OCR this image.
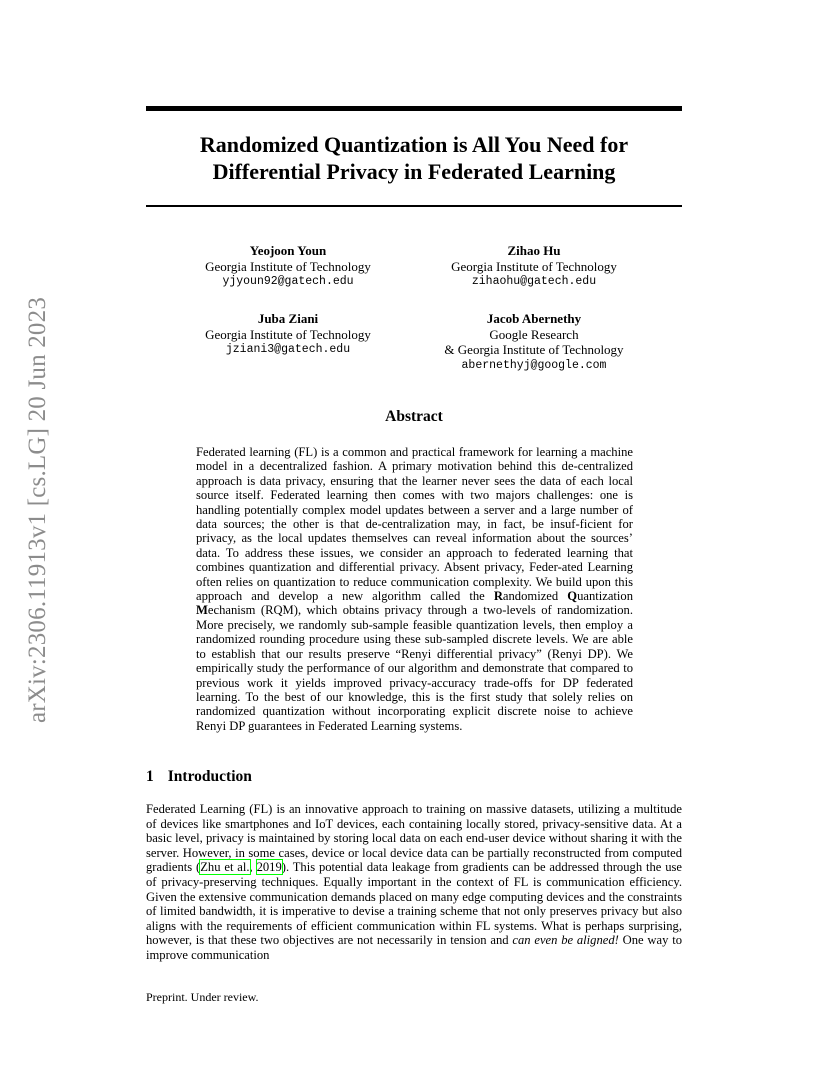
arXiv:2306.11913v1 [cs.LG] 20 Jun 2023
Randomized Quantization is All You Need for
Differential Privacy in Federated Learning
Yeojoon Youn
Georgia Institute of Technology
yjyoun92@gatech.edu
Zihao Hu
Georgia Institute of Technology
zihaohu@gatech.edu
Juba Ziani
Georgia Institute of Technology
jziani3@gatech.edu
Jacob Abernethy
Google Research
& Georgia Institute of Technology
abernethyj@google.com
Abstract
Federated learning (FL) is a common and practical framework for learning a machine model in a decentralized fashion. A primary motivation behind this de-centralized approach is data privacy, ensuring that the learner never sees the data of each local source itself. Federated learning then comes with two majors challenges: one is handling potentially complex model updates between a server and a large number of data sources; the other is that de-centralization may, in fact, be insuf-ficient for privacy, as the local updates themselves can reveal information about the sources’ data. To address these issues, we consider an approach to federated learning that combines quantization and differential privacy. Absent privacy, Feder-ated Learning often relies on quantization to reduce communication complexity. We build upon this approach and develop a new algorithm called the Randomized Quantization Mechanism (RQM), which obtains privacy through a two-levels of randomization. More precisely, we randomly sub-sample feasible quantization levels, then employ a randomized rounding procedure using these sub-sampled discrete levels. We are able to establish that our results preserve “Renyi differential privacy” (Renyi DP). We empirically study the performance of our algorithm and demonstrate that compared to previous work it yields improved privacy-accuracy trade-offs for DP federated learning. To the best of our knowledge, this is the first study that solely relies on randomized quantization without incorporating explicit discrete noise to achieve Renyi DP guarantees in Federated Learning systems.
1 Introduction
Federated Learning (FL) is an innovative approach to training on massive datasets, utilizing a multitude of devices like smartphones and IoT devices, each containing locally stored, privacy-sensitive data. At a basic level, privacy is maintained by storing local data on each end-user device without sharing it with the server. However, in some cases, device or local device data can be partially reconstructed from computed gradients (Zhu et al., 2019). This potential data leakage from gradients can be addressed through the use of privacy-preserving techniques. Equally important in the context of FL is communication efficiency. Given the extensive communication demands placed on many edge computing devices and the constraints of limited bandwidth, it is imperative to devise a training scheme that not only preserves privacy but also aligns with the requirements of efficient communication within FL systems. What is perhaps surprising, however, is that these two objectives are not necessarily in tension and can even be aligned! One way to improve communication
Preprint. Under review.
